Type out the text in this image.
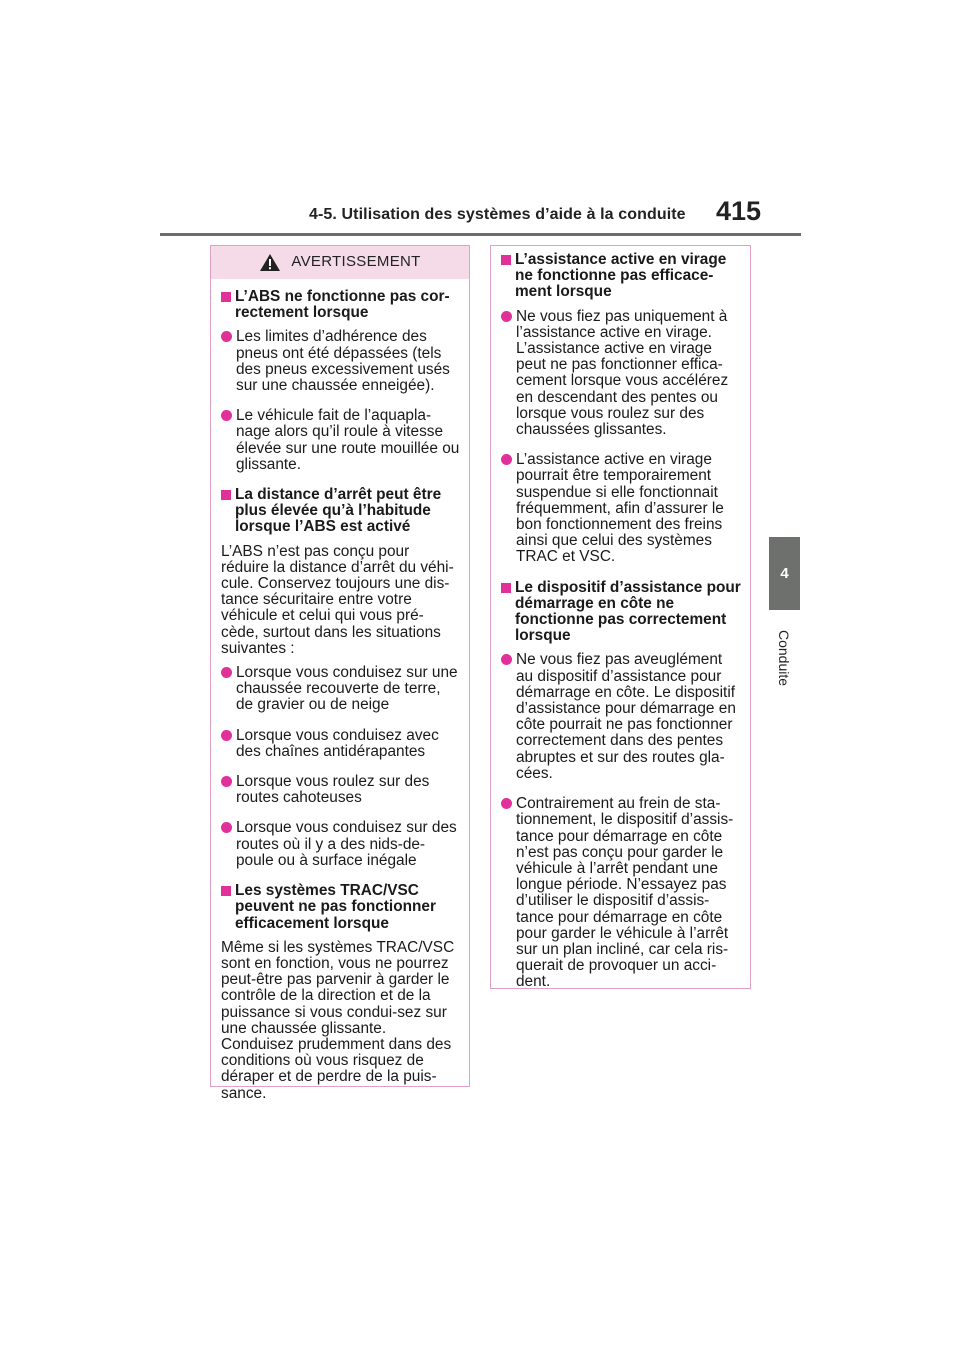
4-5. Utilisation des systèmes d’aide à la conduite 415
4
Conduite
AVERTISSEMENT
L’ABS ne fonctionne pas cor-rectement lorsque
Les limites d’adhérence des pneus ont été dépassées (tels des pneus excessivement usés sur une chaussée enneigée).
Le véhicule fait de l’aquapla-nage alors qu’il roule à vitesse élevée sur une route mouillée ou glissante.
La distance d’arrêt peut être plus élevée qu’à l’habitude lorsque l’ABS est activé
L’ABS n’est pas conçu pour réduire la distance d’arrêt du véhi-cule. Conservez toujours une dis-tance sécuritaire entre votre véhicule et celui qui vous pré-cède, surtout dans les situations suivantes :
Lorsque vous conduisez sur une chaussée recouverte de terre, de gravier ou de neige
Lorsque vous conduisez avec des chaînes antidérapantes
Lorsque vous roulez sur des routes cahoteuses
Lorsque vous conduisez sur des routes où il y a des nids-de-poule ou à surface inégale
Les systèmes TRAC/VSC peuvent ne pas fonctionner efficacement lorsque
Même si les systèmes TRAC/VSC sont en fonction, vous ne pourrez peut-être pas parvenir à garder le contrôle de la direction et de la puissance si vous condui-sez sur une chaussée glissante. Conduisez prudemment dans des conditions où vous risquez de déraper et de perdre de la puis-sance.
L’assistance active en virage ne fonctionne pas efficace-ment lorsque
Ne vous fiez pas uniquement à l’assistance active en virage. L’assistance active en virage peut ne pas fonctionner effica-cement lorsque vous accélérez en descendant des pentes ou lorsque vous roulez sur des chaussées glissantes.
L’assistance active en virage pourrait être temporairement suspendue si elle fonctionnait fréquemment, afin d’assurer le bon fonctionnement des freins ainsi que celui des systèmes TRAC et VSC.
Le dispositif d’assistance pour démarrage en côte ne fonctionne pas correctement lorsque
Ne vous fiez pas aveuglément au dispositif d’assistance pour démarrage en côte. Le dispositif d’assistance pour démarrage en côte pourrait ne pas fonctionner correctement dans des pentes abruptes et sur des routes gla-cées.
Contrairement au frein de sta-tionnement, le dispositif d’assis-tance pour démarrage en côte n’est pas conçu pour garder le véhicule à l’arrêt pendant une longue période. N’essayez pas d’utiliser le dispositif d’assis-tance pour démarrage en côte pour garder le véhicule à l’arrêt sur un plan incliné, car cela ris-querait de provoquer un acci-dent.
